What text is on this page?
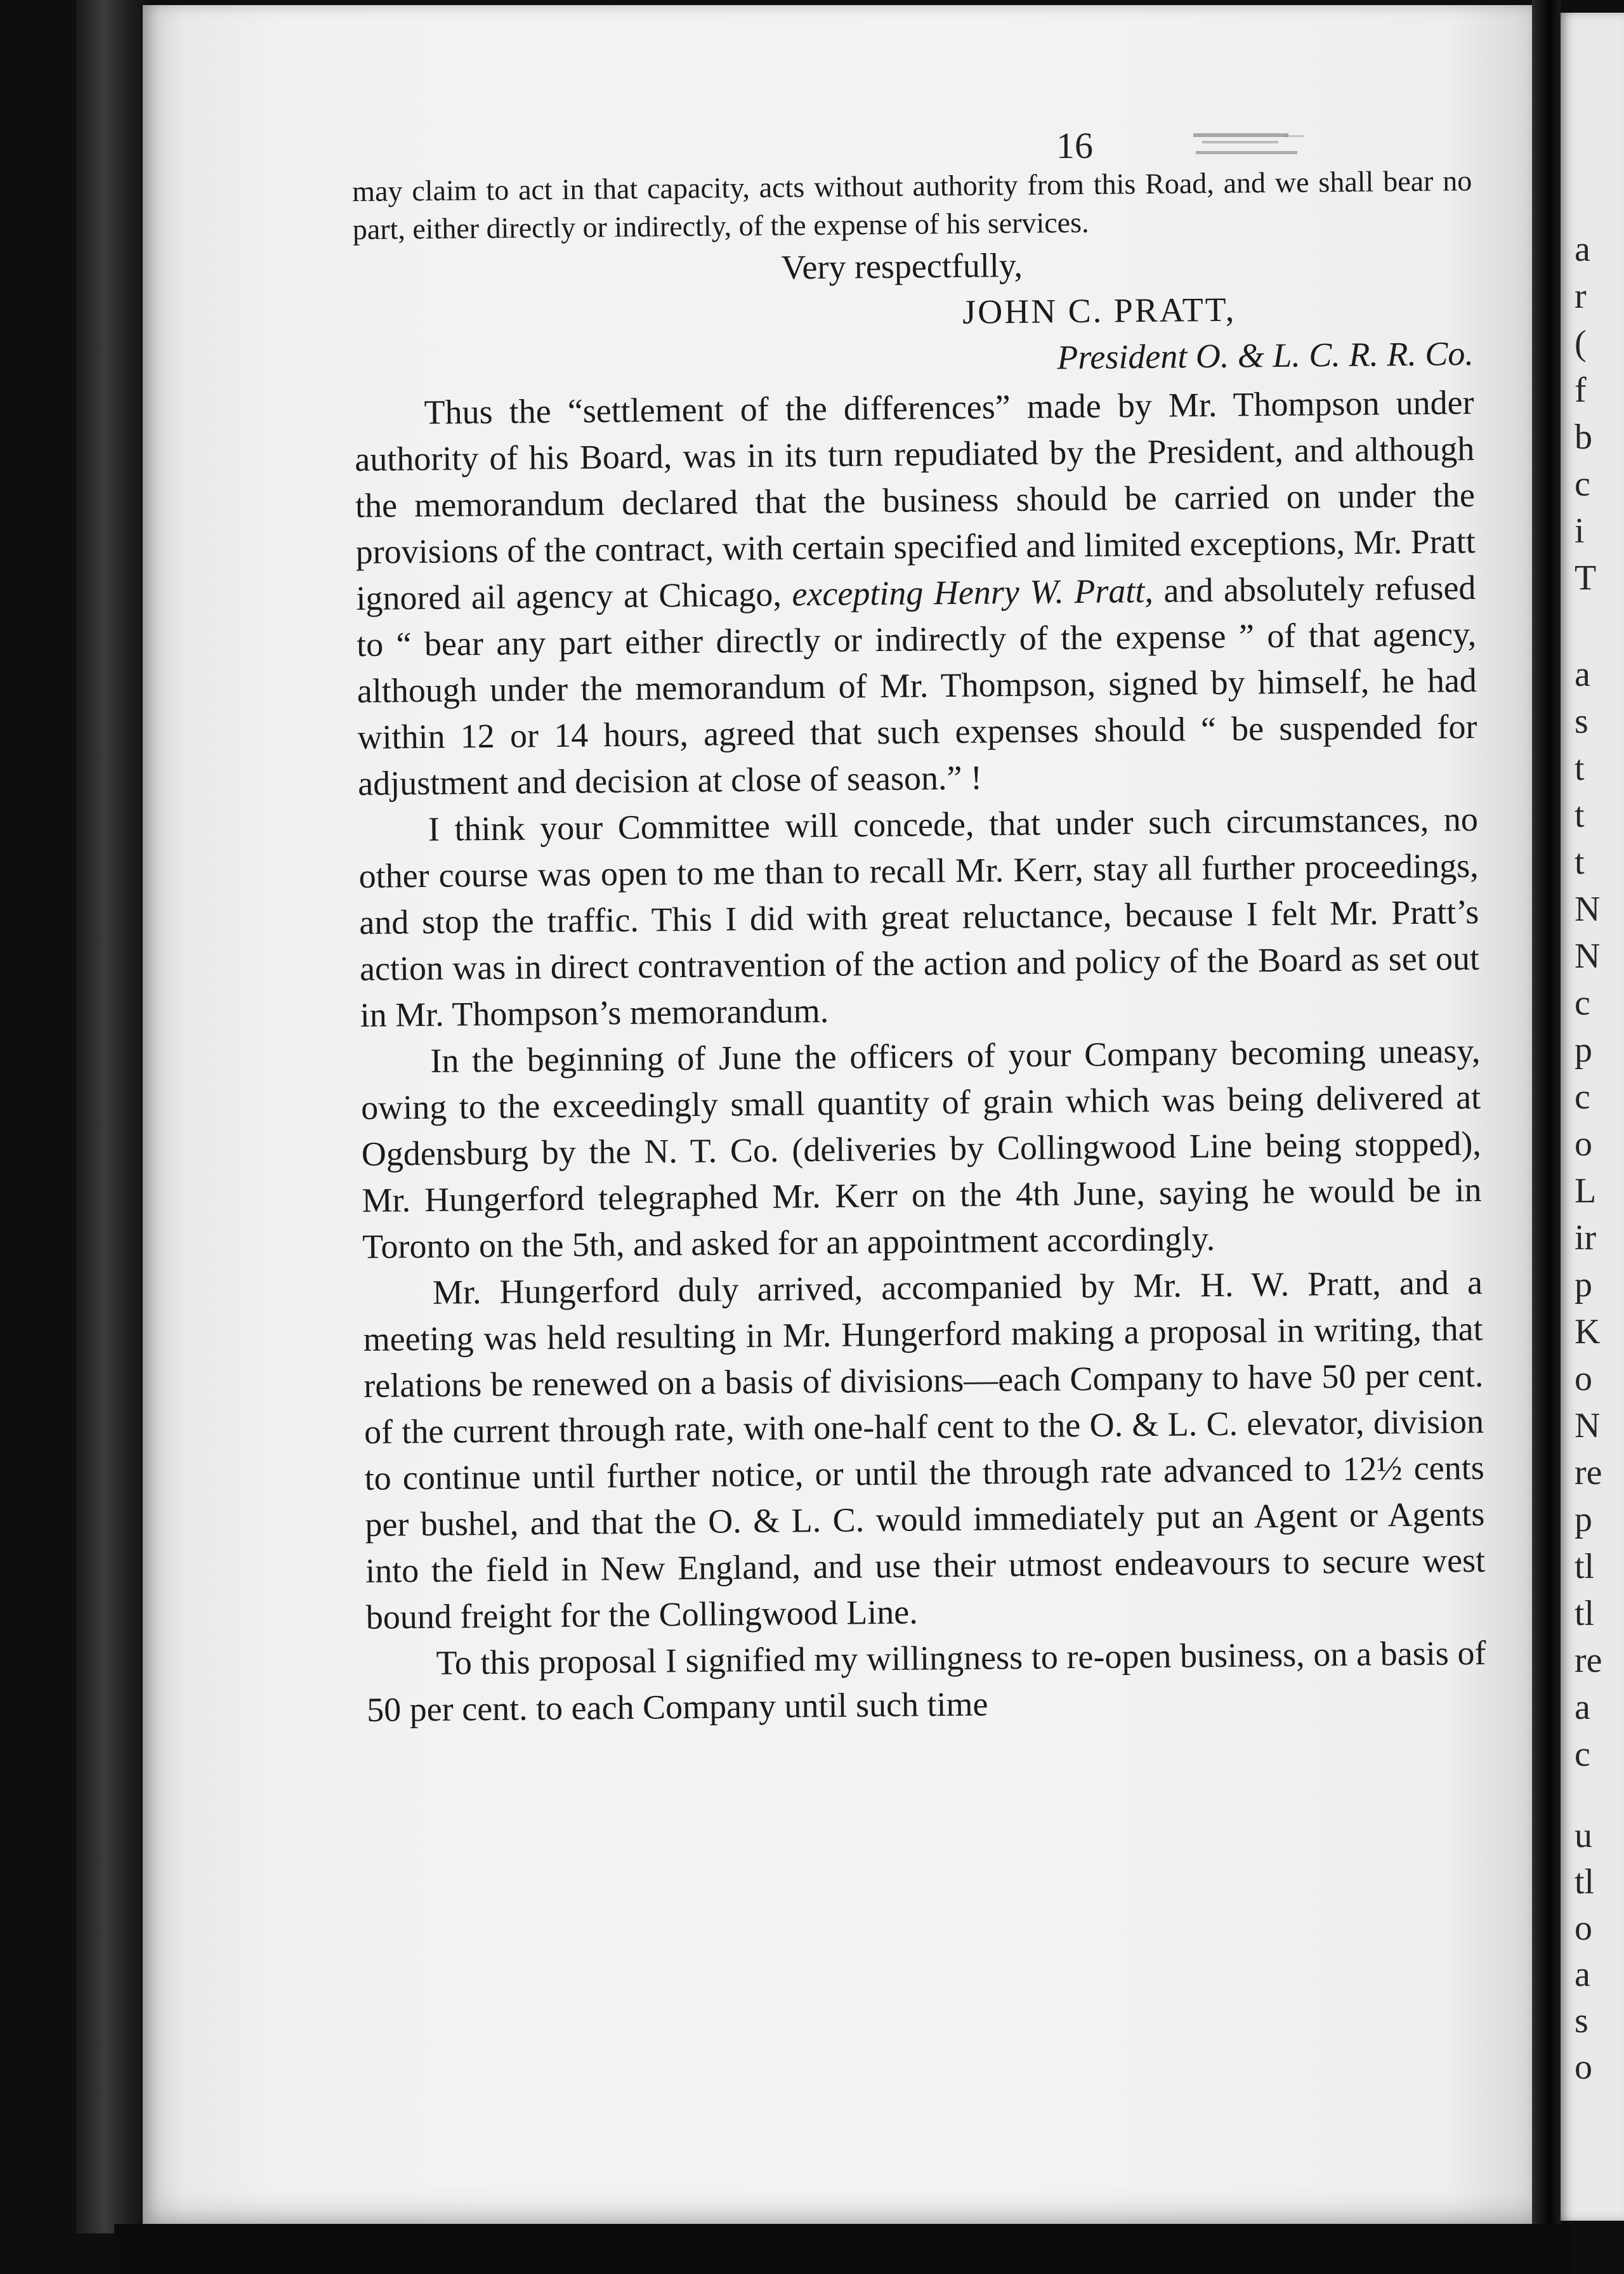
16

may claim to act in that capacity, acts without authority from this Road, and we shall bear no part, either directly or indirectly, of the expense of his services.

Very respectfully,

JOHN C. PRATT,

President O. & L. C. R. R. Co.

Thus the “settlement of the differences” made by Mr. Thompson under authority of his Board, was in its turn repudiated by the President, and although the memorandum declared that the business should be carried on under the provisions of the contract, with certain specified and limited exceptions, Mr. Pratt ignored ail agency at Chicago, excepting Henry W. Pratt, and absolutely refused to “ bear any part either directly or indirectly of the expense ” of that agency, although under the memorandum of Mr. Thompson, signed by himself, he had within 12 or 14 hours, agreed that such expenses should “ be suspended for adjustment and decision at close of season.” !

I think your Committee will concede, that under such circumstances, no other course was open to me than to recall Mr. Kerr, stay all further proceedings, and stop the traffic. This I did with great reluctance, because I felt Mr. Pratt’s action was in direct contravention of the action and policy of the Board as set out in Mr. Thompson’s memorandum.

In the beginning of June the officers of your Company becoming uneasy, owing to the exceedingly small quantity of grain which was being delivered at Ogdensburg by the N. T. Co. (deliveries by Collingwood Line being stopped), Mr. Hungerford telegraphed Mr. Kerr on the 4th June, saying he would be in Toronto on the 5th, and asked for an appointment accordingly.

Mr. Hungerford duly arrived, accompanied by Mr. H. W. Pratt, and a meeting was held resulting in Mr. Hungerford making a proposal in writing, that relations be renewed on a basis of divisions—each Company to have 50 per cent. of the current through rate, with one-half cent to the O. & L. C. elevator, division to continue until further notice, or until the through rate advanced to 12½ cents per bushel, and that the O. & L. C. would immediately put an Agent or Agents into the field in New England, and use their utmost endeavours to secure west bound freight for the Collingwood Line.

To this proposal I signified my willingness to re-open business, on a basis of 50 per cent. to each Company until such time

a
r
(
f
b
c
i
T
a
s
t
t
t
N
N
c
p
c
o
L
ir
p
K
o
N
re
p
tl
tl
re
a
c
u
tl
o
a
s
o
